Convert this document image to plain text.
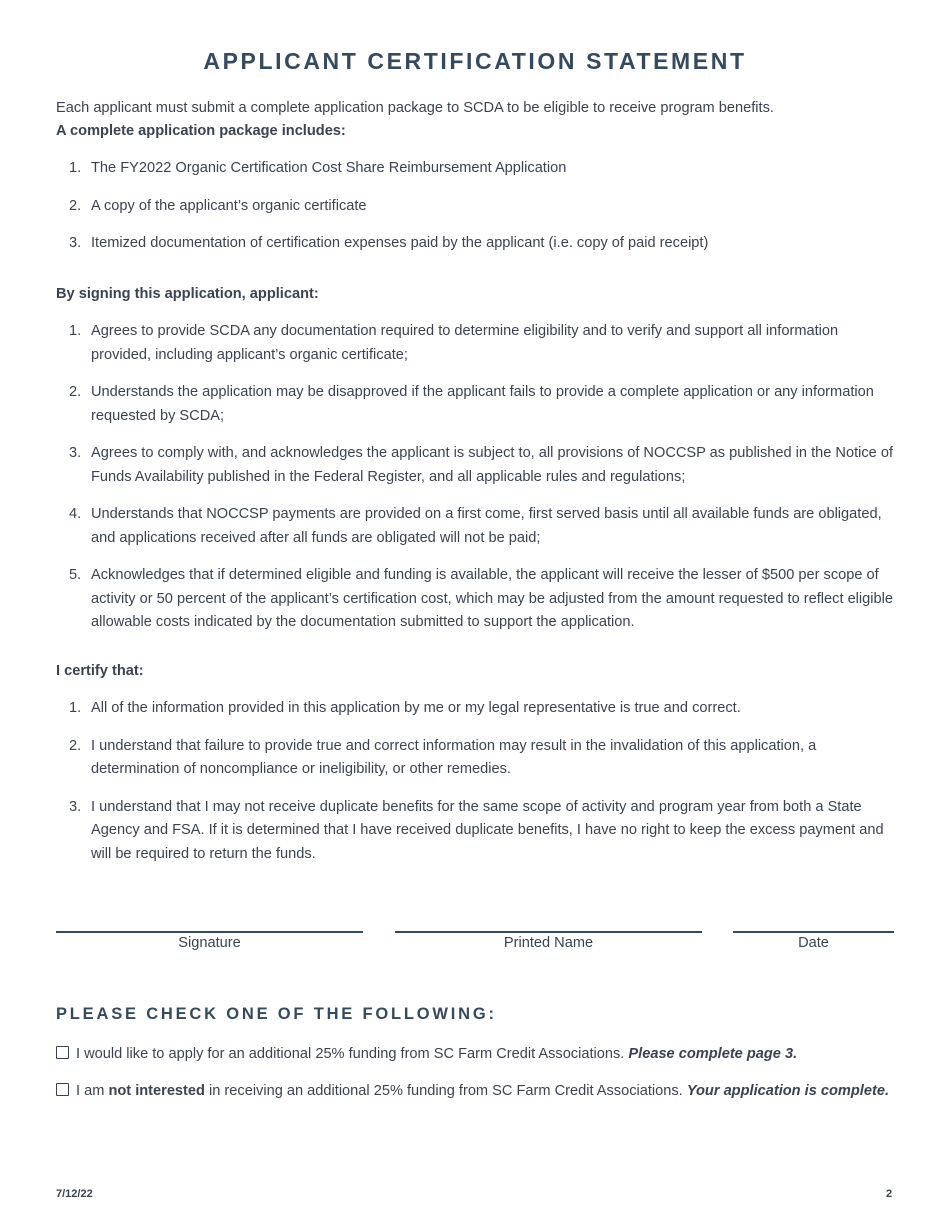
APPLICANT CERTIFICATION STATEMENT

Each applicant must submit a complete application package to SCDA to be eligible to receive program benefits.

A complete application package includes:

1. The FY2022 Organic Certification Cost Share Reimbursement Application
2. A copy of the applicant’s organic certificate
3. Itemized documentation of certification expenses paid by the applicant (i.e. copy of paid receipt)

By signing this application, applicant:

1. Agrees to provide SCDA any documentation required to determine eligibility and to verify and support all information provided, including applicant’s organic certificate;
2. Understands the application may be disapproved if the applicant fails to provide a complete application or any information requested by SCDA;
3. Agrees to comply with, and acknowledges the applicant is subject to, all provisions of NOCCSP as published in the Notice of Funds Availability published in the Federal Register, and all applicable rules and regulations;
4. Understands that NOCCSP payments are provided on a first come, first served basis until all available funds are obligated, and applications received after all funds are obligated will not be paid;
5. Acknowledges that if determined eligible and funding is available, the applicant will receive the lesser of $500 per scope of activity or 50 percent of the applicant’s certification cost, which may be adjusted from the amount requested to reflect eligible allowable costs indicated by the documentation submitted to support the application.

I certify that:

1. All of the information provided in this application by me or my legal representative is true and correct.
2. I understand that failure to provide true and correct information may result in the invalidation of this application, a determination of noncompliance or ineligibility, or other remedies.
3. I understand that I may not receive duplicate benefits for the same scope of activity and program year from both a State Agency and FSA. If it is determined that I have received duplicate benefits, I have no right to keep the excess payment and will be required to return the funds.
Signature	Printed Name	Date
PLEASE CHECK ONE OF THE FOLLOWING:
I would like to apply for an additional 25% funding from SC Farm Credit Associations. Please complete page 3.
I am not interested in receiving an additional 25% funding from SC Farm Credit Associations. Your application is complete.
7/12/22	2
